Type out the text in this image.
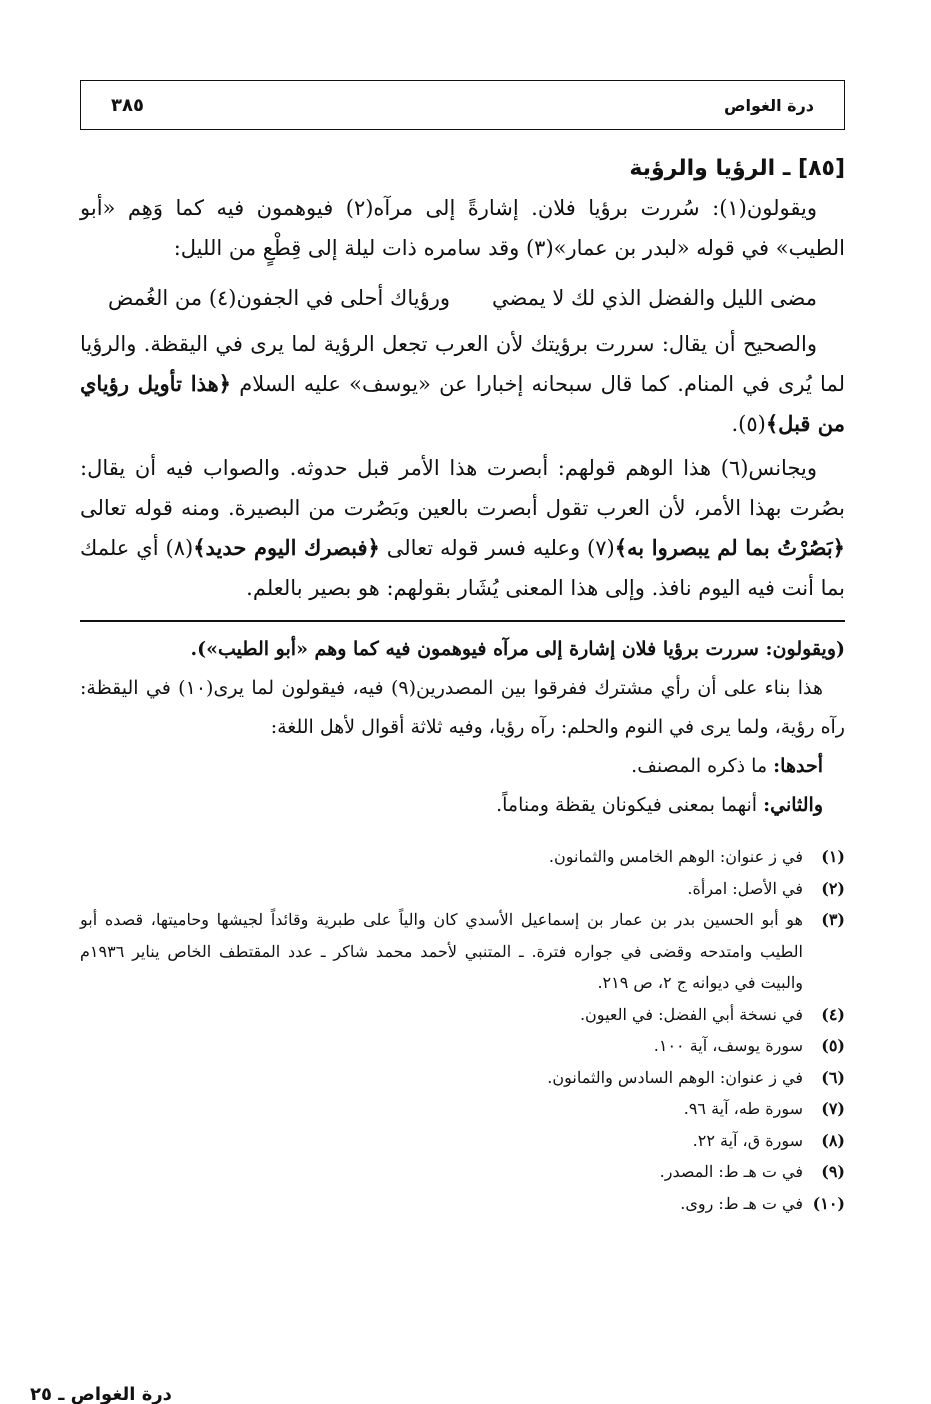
درة الغواص
٣٨٥
[٨٥] ـ الرؤيا والرؤية

ويقولون(١): سُررت برؤيا فلان. إشارةً إلى مرآه(٢) فيوهمون فيه كما وَهِم «أبو الطيب» في قوله «لبدر بن عمار»(٣) وقد سامره ذات ليلة إلى قِطْعٍ من الليل:

مضى الليل والفضل الذي لك لا يمضي
ورؤياك أحلى في الجفون(٤) من الغُمض

والصحيح أن يقال: سررت برؤيتك لأن العرب تجعل الرؤية لما يرى في اليقظة. والرؤيا لما يُرى في المنام. كما قال سبحانه إخبارا عن «يوسف» عليه السلام ﴿هذا تأويل رؤياي من قبل﴾(٥).

ويجانس(٦) هذا الوهم قولهم: أبصرت هذا الأمر قبل حدوثه. والصواب فيه أن يقال: بصُرت بهذا الأمر، لأن العرب تقول أبصرت بالعين وبَصُرت من البصيرة. ومنه قوله تعالى ﴿بَصُرْتُ بما لم يبصروا به﴾(٧) وعليه فسر قوله تعالى ﴿فبصرك اليوم حديد﴾(٨) أي علمك بما أنت فيه اليوم نافذ. وإلى هذا المعنى يُشَار بقولهم: هو بصير بالعلم.

(ويقولون: سررت برؤيا فلان إشارة إلى مرآه فيوهمون فيه كما وهم «أبو الطيب»).

هذا بناء على أن رأي مشترك ففرقوا بين المصدرين(٩) فيه، فيقولون لما يرى(١٠) في اليقظة: رآه رؤية، ولما يرى في النوم والحلم: رآه رؤيا، وفيه ثلاثة أقوال لأهل اللغة:

أحدها: ما ذكره المصنف.

والثاني: أنهما بمعنى فيكونان يقظة ومناماً.

(١)
في ز عنوان: الوهم الخامس والثمانون.
(٢)
في الأصل: امرأة.
(٣)
هو أبو الحسين بدر بن عمار بن إسماعيل الأسدي كان والياً على طبرية وقائداً لجيشها وحاميتها، قصده أبو الطيب وامتدحه وقضى في جواره فترة. ـ المتنبي لأحمد محمد شاكر ـ عدد المقتطف الخاص يناير ١٩٣٦م والبيت في ديوانه ج ٢، ص ٢١٩.
(٤)
في نسخة أبي الفضل: في العيون.
(٥)
سورة يوسف، آية ١٠٠.
(٦)
في ز عنوان: الوهم السادس والثمانون.
(٧)
سورة طه، آية ٩٦.
(٨)
سورة ق، آية ٢٢.
(٩)
في ت هـ ط: المصدر.
(١٠)
في ت هـ ط: روى.
درة الغواص ـ ٢٥
